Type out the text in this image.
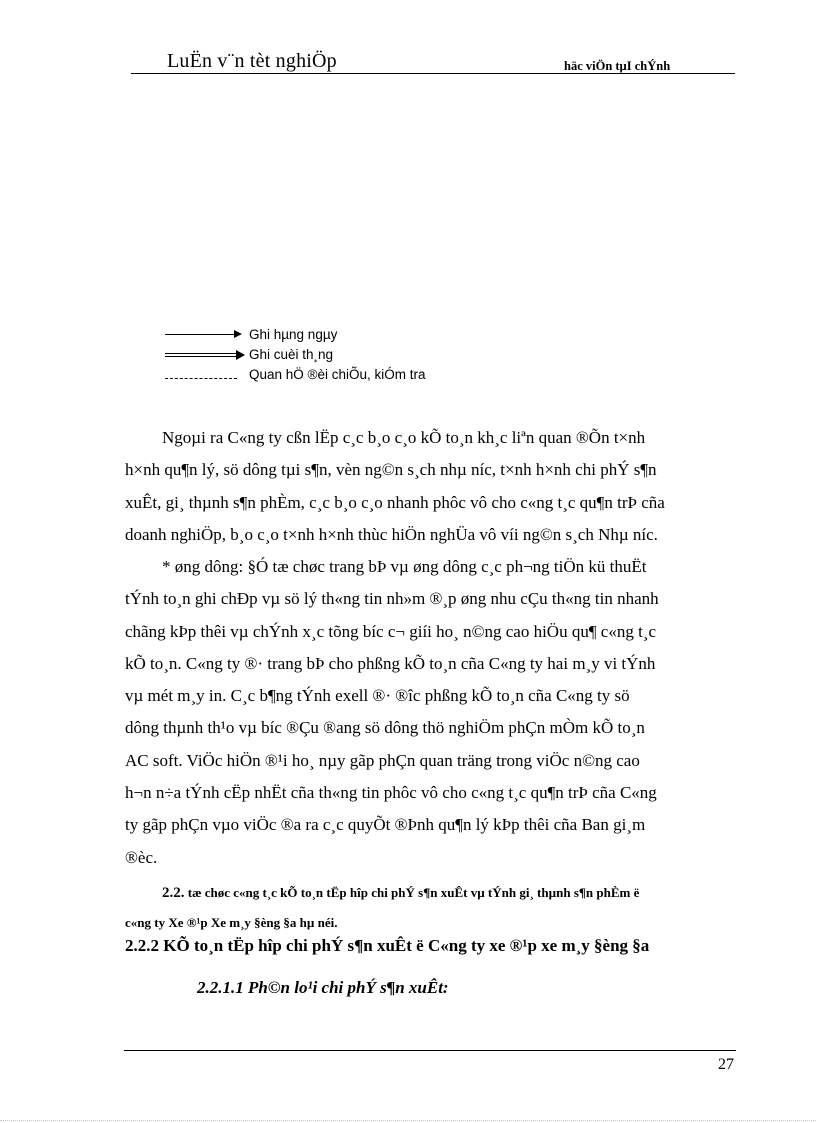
LuËn v¨n tèt nghiÖp	häc viÖn tµI chÝnh
Ghi hµng ngµy
Ghi cuèi th¸ng
Quan hÖ ®èi chiÕu, kiÓm tra

Ngoµi ra C«ng ty cßn lËp c¸c b¸o c¸o kÕ to¸n kh¸c liªn quan ®Õn t×nh
h×nh qu¶n lý, sö dông tµi s¶n, vèn ng©n s¸ch nhµ níc, t×nh h×nh chi phÝ s¶n
xuÊt, gi¸ thµnh s¶n phÈm, c¸c b¸o c¸o nhanh phôc vô cho c«ng t¸c qu¶n trÞ cña
doanh nghiÖp, b¸o c¸o t×nh h×nh thùc hiÖn nghÜa vô víi ng©n s¸ch Nhµ níc.

* øng dông: §Ó tæ chøc trang bÞ vµ øng dông c¸c ph¬ng tiÖn kü thuËt
tÝnh to¸n ghi chÐp vµ sö lý th«ng tin nh»m ®¸p øng nhu cÇu th«ng tin nhanh
chãng kÞp thêi vµ chÝnh x¸c tõng bíc c¬ giíi ho¸ n©ng cao hiÖu qu¶ c«ng t¸c
kÕ to¸n. C«ng ty ®· trang bÞ cho phßng kÕ to¸n cña C«ng ty hai m¸y vi tÝnh
vµ mét m¸y in. C¸c b¶ng tÝnh exell ®· ®îc phßng kÕ to¸n cña C«ng ty sö
dông thµnh th¹o vµ bíc ®Çu ®ang sö dông thö nghiÖm phÇn mÒm kÕ to¸n
AC soft. ViÖc hiÖn ®¹i ho¸ nµy gãp phÇn quan träng trong viÖc n©ng cao
h¬n n÷a tÝnh cËp nhËt cña th«ng tin phôc vô cho c«ng t¸c qu¶n trÞ cña C«ng
ty gãp phÇn vµo viÖc ®a ra c¸c quyÕt ®Þnh qu¶n lý kÞp thêi cña Ban gi¸m
®èc.

2.2. tæ chøc c«ng t¸c kÕ to¸n tËp hîp chi phÝ s¶n xuÊt vµ tÝnh gi¸ thµnh s¶n phÈm ë
c«ng ty Xe ®¹p Xe m¸y §èng §a hµ néi.
2.2.2 KÕ to¸n tËp hîp chi phÝ s¶n xuÊt ë C«ng ty xe ®¹p xe m¸y §èng §a
2.2.1.1 Ph©n lo¹i chi phÝ s¶n xuÊt:
27
